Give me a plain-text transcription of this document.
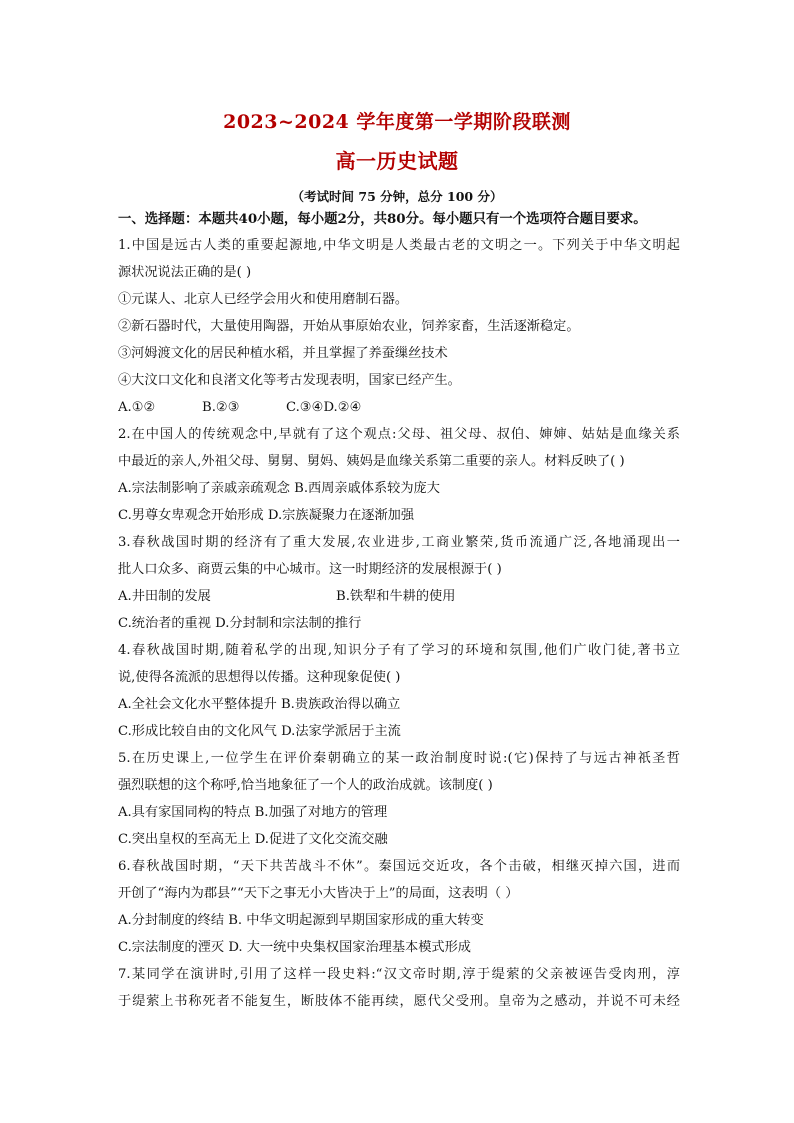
2023~2024 学年度第一学期阶段联测
高一历史试题
（考试时间 75 分钟，总分 100 分）
一、选择题：本题共40小题，每小题2分，共80分。每小题只有一个选项符合题目要求。
1.中国是远古人类的重要起源地,中华文明是人类最古老的文明之一。下列关于中华文明起
源状况说法正确的是( )
①元谋人、北京人已经学会用火和使用磨制石器。
②新石器时代，大量使用陶器，开始从事原始农业，饲养家畜，生活逐渐稳定。
③河姆渡文化的居民种植水稻，并且掌握了养蚕缫丝技术
④大汶口文化和良渚文化等考古发现表明，国家已经产生。
A.①②	B.②③	C.③④D.②④
2.在中国人的传统观念中,早就有了这个观点:父母、祖父母、叔伯、婶婶、姑姑是血缘关系
中最近的亲人,外祖父母、舅舅、舅妈、姨妈是血缘关系第二重要的亲人。材料反映了( )
A.宗法制影响了亲戚亲疏观念 B.西周亲戚体系较为庞大
C.男尊女卑观念开始形成 D.宗族凝聚力在逐渐加强
3.春秋战国时期的经济有了重大发展,农业进步,工商业繁荣,货币流通广泛,各地涌现出一
批人口众多、商贾云集的中心城市。这一时期经济的发展根源于( )
A.井田制的发展	B.铁犁和牛耕的使用
C.统治者的重视 D.分封制和宗法制的推行
4.春秋战国时期,随着私学的出现,知识分子有了学习的环境和氛围,他们广收门徒,著书立
说,使得各流派的思想得以传播。这种现象促使( )
A.全社会文化水平整体提升 B.贵族政治得以确立
C.形成比较自由的文化风气 D.法家学派居于主流
5.在历史课上,一位学生在评价秦朝确立的某一政治制度时说:(它)保持了与远古神祇圣哲
强烈联想的这个称呼,恰当地象征了一个人的政治成就。该制度( )
A.具有家国同构的特点 B.加强了对地方的管理
C.突出皇权的至高无上 D.促进了文化交流交融
6.春秋战国时期，“天下共苦战斗不休”。秦国远交近攻，各个击破，相继灭掉六国，进而
开创了“海内为郡县”“天下之事无小大皆决于上”的局面，这表明（ ）
A.分封制度的终结 B. 中华文明起源到早期国家形成的重大转变
C.宗法制度的湮灭 D. 大一统中央集权国家治理基本模式形成
7.某同学在演讲时,引用了这样一段史料:“汉文帝时期,淳于缇萦的父亲被诬告受肉刑，淳
于缇萦上书称死者不能复生，断肢体不能再续，愿代父受刑。皇帝为之感动，并说不可未经
